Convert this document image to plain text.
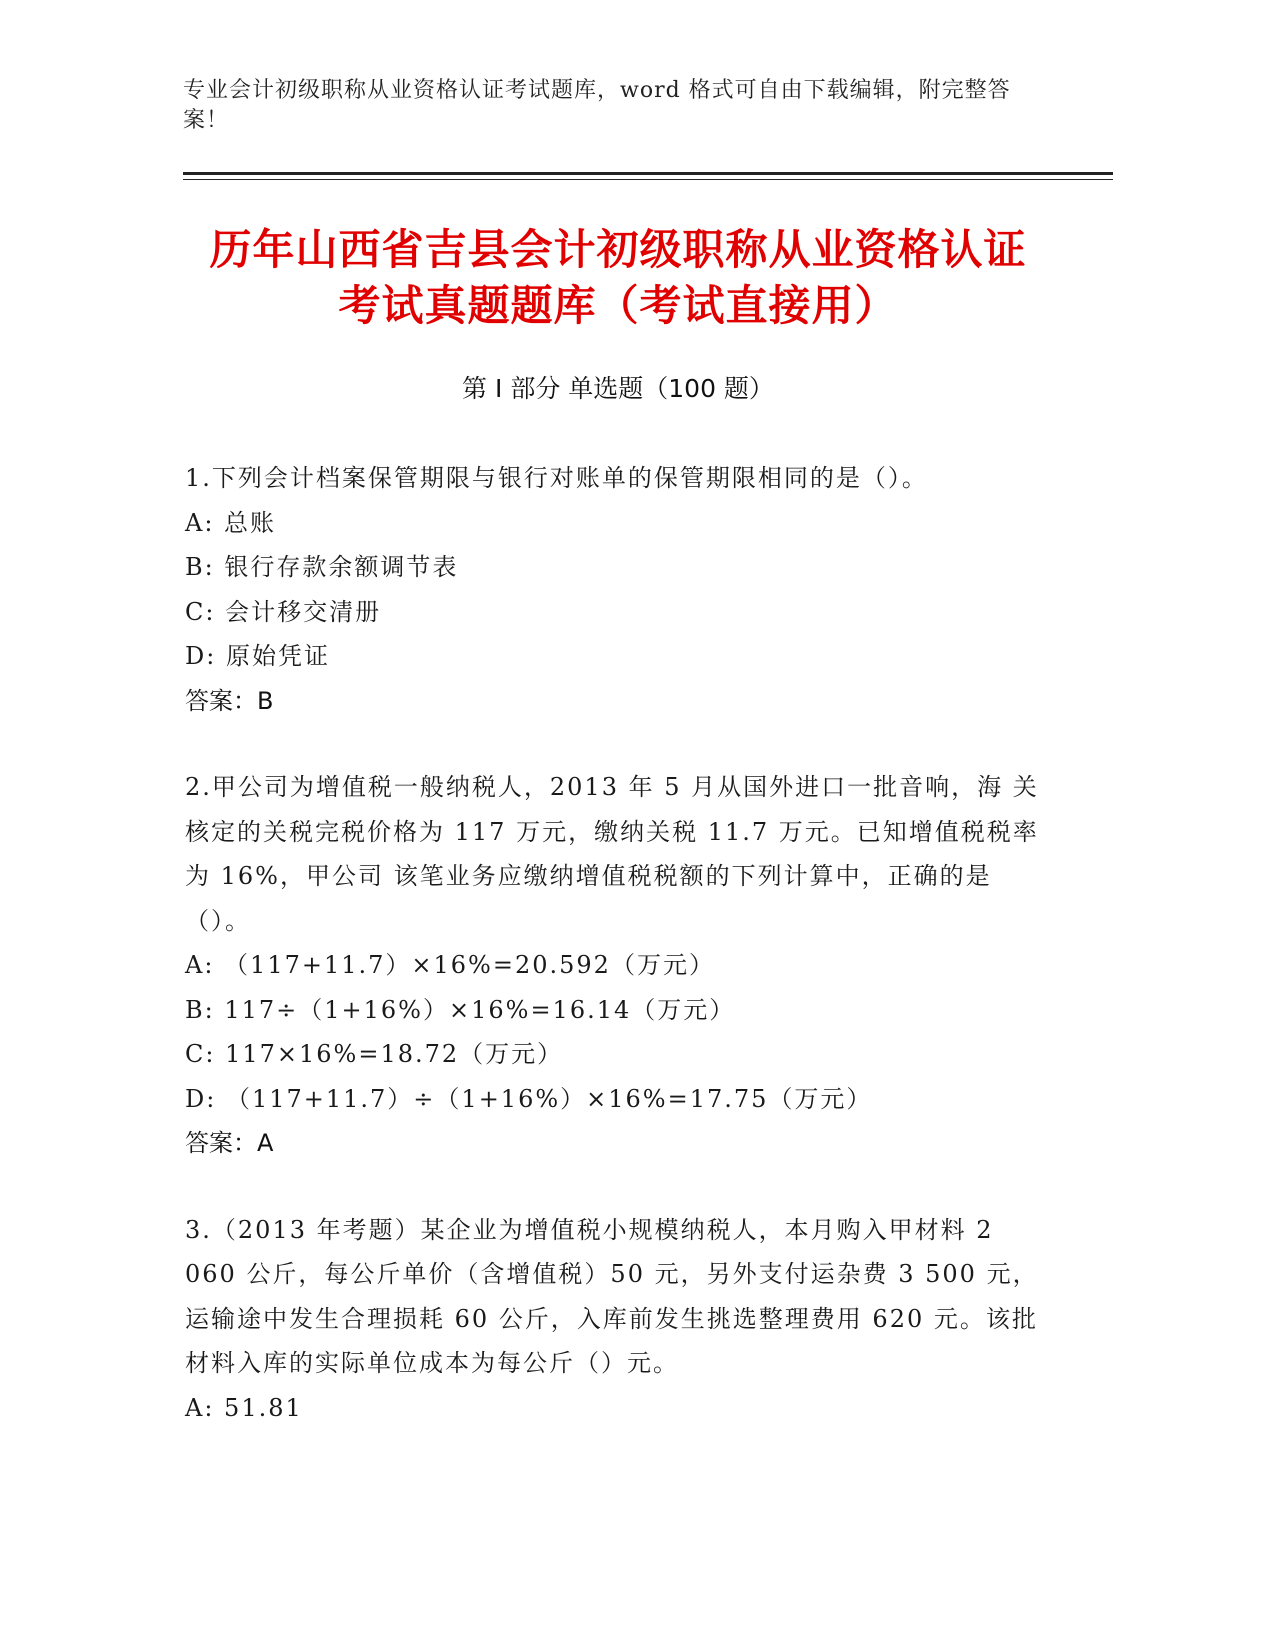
专业会计初级职称从业资格认证考试题库，word 格式可自由下载编辑，附完整答案！
历年山西省吉县会计初级职称从业资格认证
考试真题题库（考试直接用）
第 I 部分 单选题（100 题）
1.下列会计档案保管期限与银行对账单的保管期限相同的是（）。
A: 总账
B: 银行存款余额调节表
C: 会计移交清册
D: 原始凭证
答案：B
2.甲公司为增值税一般纳税人，2013 年 5 月从国外进口一批音响，海 关核定的关税完税价格为 117 万元，缴纳关税 11.7 万元。已知增值税税率为 16%，甲公司 该笔业务应缴纳增值税税额的下列计算中，正确的是（）。
A: （117+11.7）×16%=20.592（万元）
B: 117÷（1+16%）×16%=16.14（万元）
C: 117×16%=18.72（万元）
D: （117+11.7）÷（1+16%）×16%=17.75（万元）
答案：A
3.（2013 年考题）某企业为增值税小规模纳税人，本月购入甲材料 2 060 公斤，每公斤单价（含增值税）50 元，另外支付运杂费 3 500 元，运输途中发生合理损耗 60 公斤，入库前发生挑选整理费用 620 元。该批材料入库的实际单位成本为每公斤（）元。
A: 51.81
